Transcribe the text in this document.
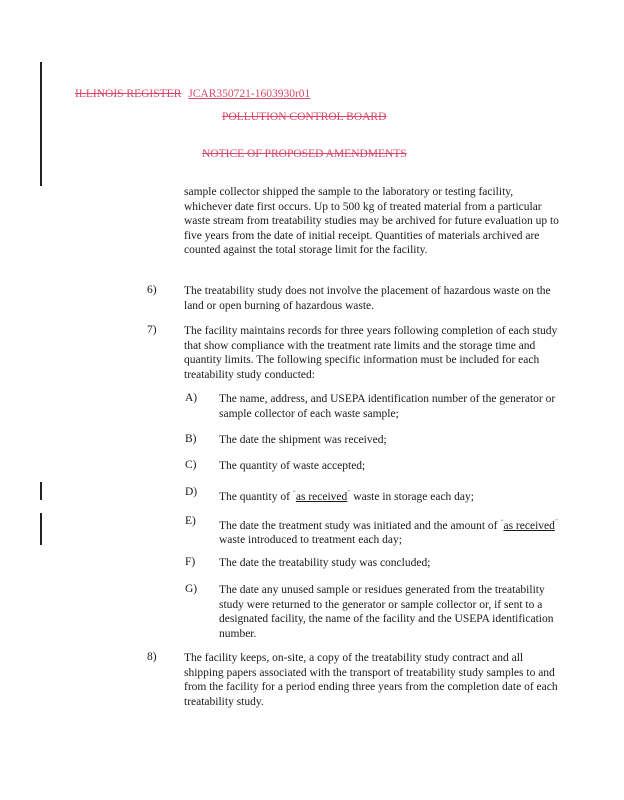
ILLINOIS REGISTER JCAR350721-1603930r01
POLLUTION CONTROL BOARD
NOTICE OF PROPOSED AMENDMENTS

sample collector shipped the sample to the laboratory or testing facility, whichever date first occurs. Up to 500 kg of treated material from a particular waste stream from treatability studies may be archived for future evaluation up to five years from the date of initial receipt. Quantities of materials archived are counted against the total storage limit for the facility.

6) The treatability study does not involve the placement of hazardous waste on the land or open burning of hazardous waste.

7) The facility maintains records for three years following completion of each study that show compliance with the treatment rate limits and the storage time and quantity limits. The following specific information must be included for each treatability study conducted:

A) The name, address, and USEPA identification number of the generator or sample collector of each waste sample;

B) The date the shipment was received;

C) The quantity of waste accepted;

D) The quantity of “as received” waste in storage each day;

E) The date the treatment study was initiated and the amount of “as received” waste introduced to treatment each day;

F) The date the treatability study was concluded;

G) The date any unused sample or residues generated from the treatability study were returned to the generator or sample collector or, if sent to a designated facility, the name of the facility and the USEPA identification number.

8) The facility keeps, on-site, a copy of the treatability study contract and all shipping papers associated with the transport of treatability study samples to and from the facility for a period ending three years from the completion date of each treatability study.
